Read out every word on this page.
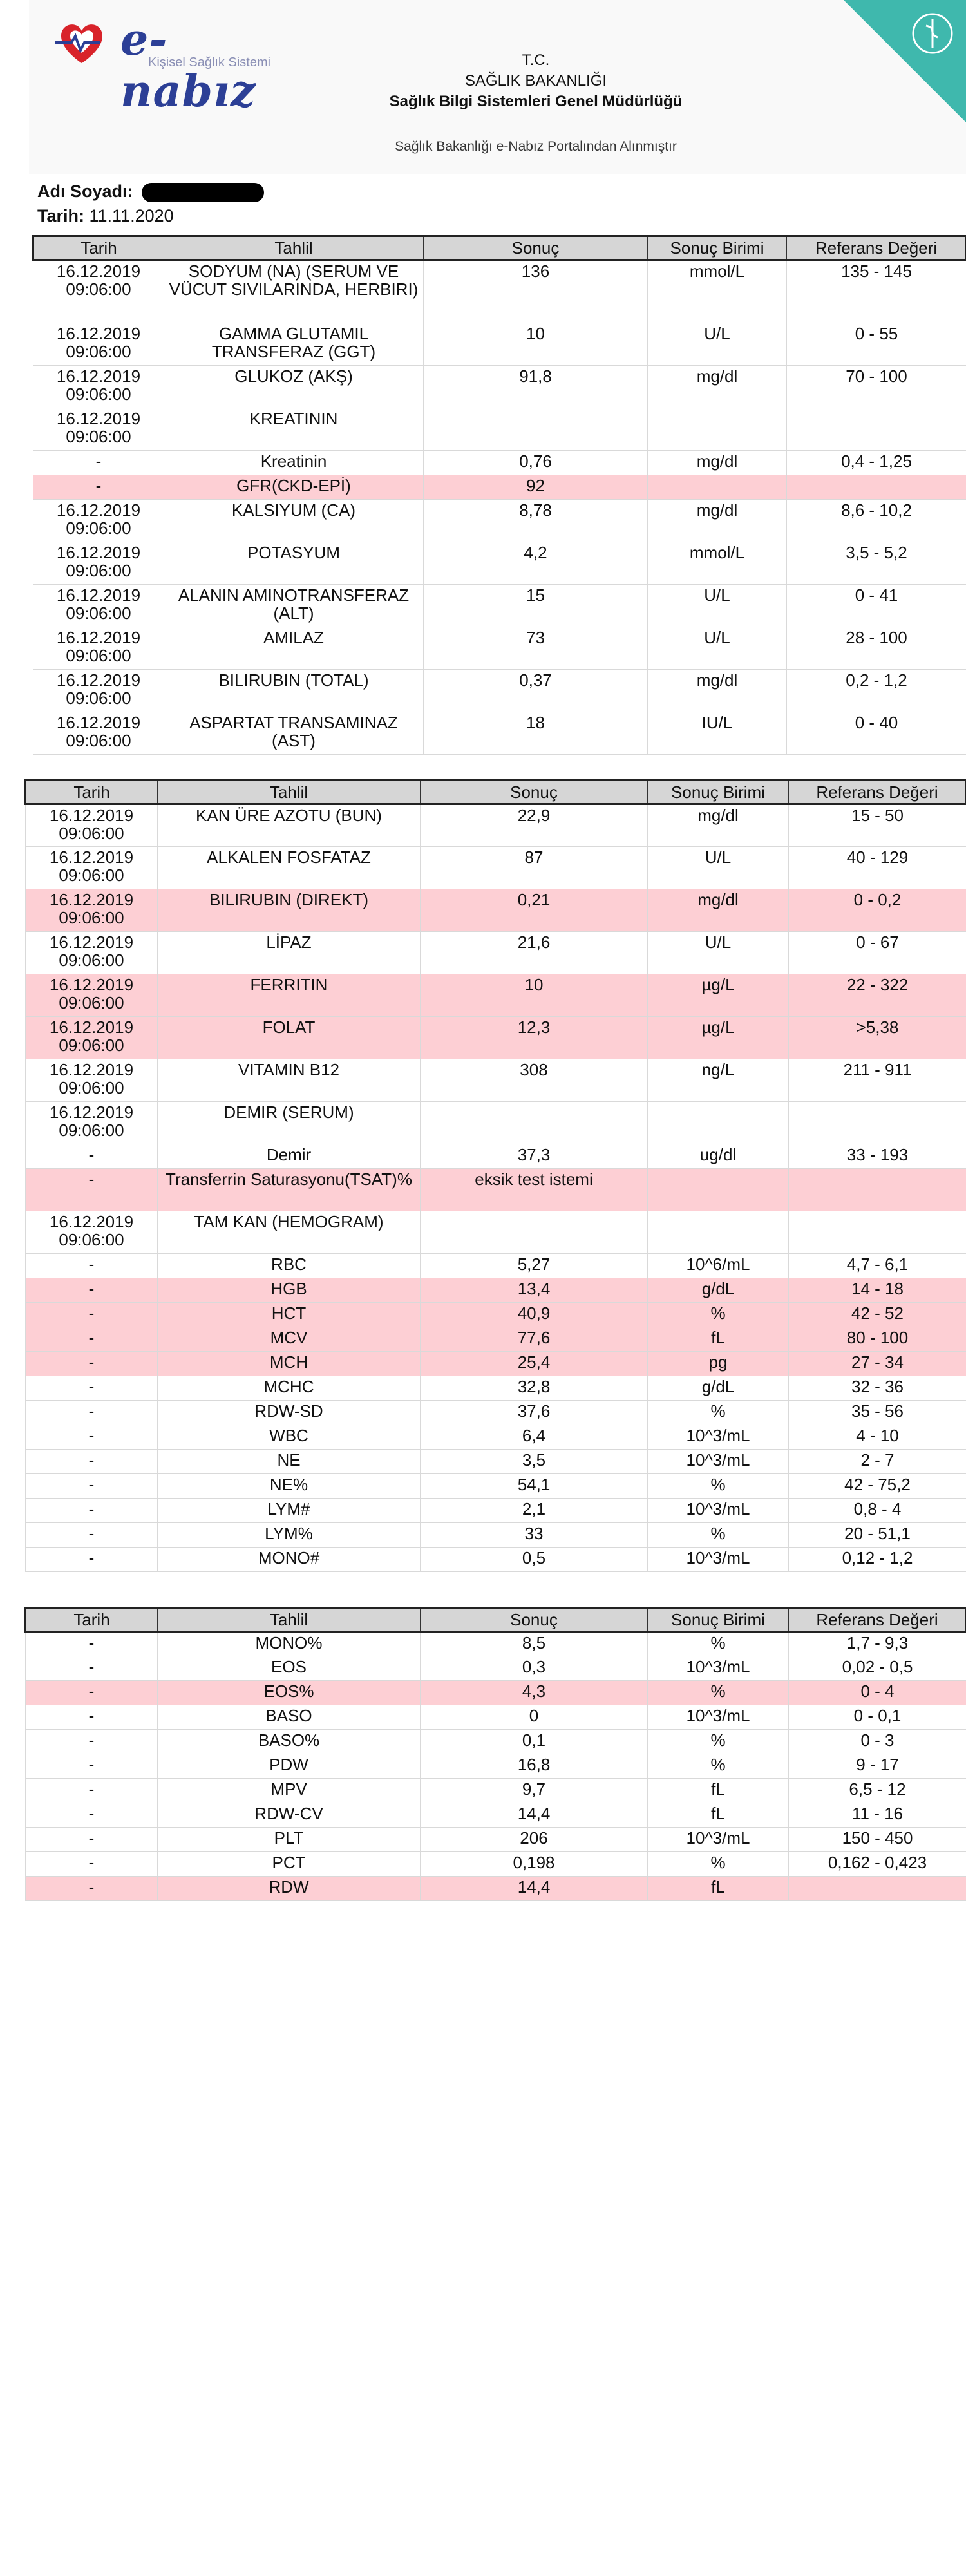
e-nabız
Kişisel Sağlık Sistemi	T.C.
SAĞLIK BAKANLIĞI
Sağlık Bilgi Sistemleri Genel Müdürlüğü
Sağlık Bakanlığı e-Nabız Portalından Alınmıştır
Adı Soyadı:
Tarih: 11.11.2020
Tarih	Tahlil	Sonuç	Sonuç Birimi	Referans Değeri
16.12.2019 09:06:00	SODYUM (NA) (SERUM VE VÜCUT SIVILARINDA, HERBIRI)	136	mmol/L	135 - 145
16.12.2019 09:06:00	GAMMA GLUTAMIL TRANSFERAZ (GGT)	10	U/L	0 - 55
16.12.2019 09:06:00	GLUKOZ (AKŞ)	91,8	mg/dl	70 - 100
16.12.2019 09:06:00	KREATININ			
-	Kreatinin	0,76	mg/dl	0,4 - 1,25
-	GFR(CKD-EPİ)	92		
16.12.2019 09:06:00	KALSIYUM (CA)	8,78	mg/dl	8,6 - 10,2
16.12.2019 09:06:00	POTASYUM	4,2	mmol/L	3,5 - 5,2
16.12.2019 09:06:00	ALANIN AMINOTRANSFERAZ (ALT)	15	U/L	0 - 41
16.12.2019 09:06:00	AMILAZ	73	U/L	28 - 100
16.12.2019 09:06:00	BILIRUBIN (TOTAL)	0,37	mg/dl	0,2 - 1,2
16.12.2019 09:06:00	ASPARTAT TRANSAMINAZ (AST)	18	IU/L	0 - 40
Tarih	Tahlil	Sonuç	Sonuç Birimi	Referans Değeri
16.12.2019 09:06:00	KAN ÜRE AZOTU (BUN)	22,9	mg/dl	15 - 50
16.12.2019 09:06:00	ALKALEN FOSFATAZ	87	U/L	40 - 129
16.12.2019 09:06:00	BILIRUBIN (DIREKT)	0,21	mg/dl	0 - 0,2
16.12.2019 09:06:00	LİPAZ	21,6	U/L	0 - 67
16.12.2019 09:06:00	FERRITIN	10	µg/L	22 - 322
16.12.2019 09:06:00	FOLAT	12,3	µg/L	>5,38
16.12.2019 09:06:00	VITAMIN B12	308	ng/L	211 - 911
16.12.2019 09:06:00	DEMIR (SERUM)			
-	Demir	37,3	ug/dl	33 - 193
-	Transferrin Saturasyonu(TSAT)%	eksik test istemi		
16.12.2019 09:06:00	TAM KAN (HEMOGRAM)			
-	RBC	5,27	10^6/mL	4,7 - 6,1
-	HGB	13,4	g/dL	14 - 18
-	HCT	40,9	%	42 - 52
-	MCV	77,6	fL	80 - 100
-	MCH	25,4	pg	27 - 34
-	MCHC	32,8	g/dL	32 - 36
-	RDW-SD	37,6	%	35 - 56
-	WBC	6,4	10^3/mL	4 - 10
-	NE	3,5	10^3/mL	2 - 7
-	NE%	54,1	%	42 - 75,2
-	LYM#	2,1	10^3/mL	0,8 - 4
-	LYM%	33	%	20 - 51,1
-	MONO#	0,5	10^3/mL	0,12 - 1,2
Tarih	Tahlil	Sonuç	Sonuç Birimi	Referans Değeri
-	MONO%	8,5	%	1,7 - 9,3
-	EOS	0,3	10^3/mL	0,02 - 0,5
-	EOS%	4,3	%	0 - 4
-	BASO	0	10^3/mL	0 - 0,1
-	BASO%	0,1	%	0 - 3
-	PDW	16,8	%	9 - 17
-	MPV	9,7	fL	6,5 - 12
-	RDW-CV	14,4	fL	11 - 16
-	PLT	206	10^3/mL	150 - 450
-	PCT	0,198	%	0,162 - 0,423
-	RDW	14,4	fL	
